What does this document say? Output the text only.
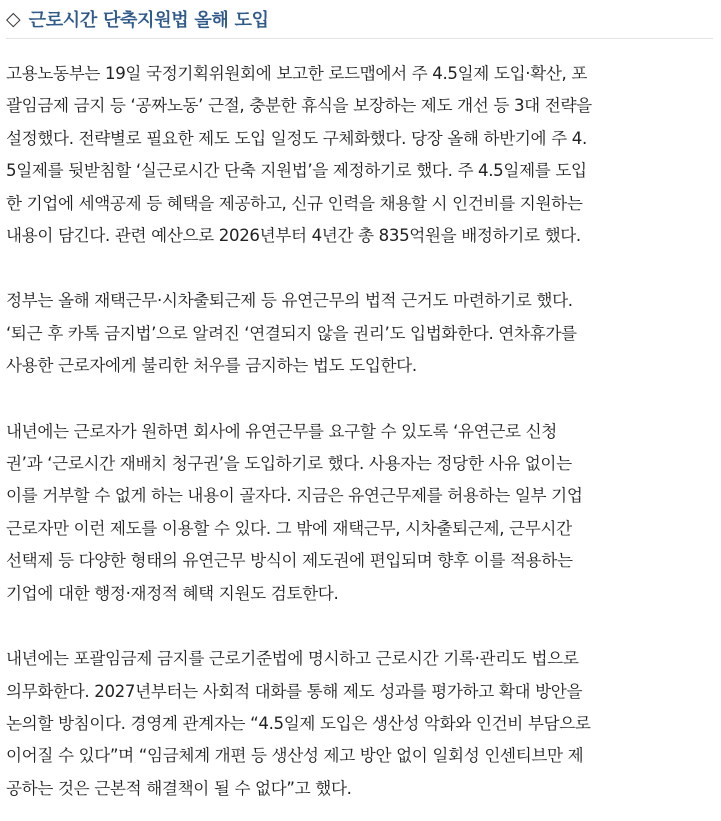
◇ 근로시간 단축지원법 올해 도입

고용노동부는 19일 국정기획위원회에 보고한 로드맵에서 주 4.5일제 도입·확산, 포
괄임금제 금지 등 ‘공짜노동’ 근절, 충분한 휴식을 보장하는 제도 개선 등 3대 전략을
설정했다. 전략별로 필요한 제도 도입 일정도 구체화했다. 당장 올해 하반기에 주 4.
5일제를 뒷받침할 ‘실근로시간 단축 지원법’을 제정하기로 했다. 주 4.5일제를 도입
한 기업에 세액공제 등 혜택을 제공하고, 신규 인력을 채용할 시 인건비를 지원하는
내용이 담긴다. 관련 예산으로 2026년부터 4년간 총 835억원을 배정하기로 했다.

정부는 올해 재택근무·시차출퇴근제 등 유연근무의 법적 근거도 마련하기로 했다.
‘퇴근 후 카톡 금지법’으로 알려진 ‘연결되지 않을 권리’도 입법화한다. 연차휴가를
사용한 근로자에게 불리한 처우를 금지하는 법도 도입한다.

내년에는 근로자가 원하면 회사에 유연근무를 요구할 수 있도록 ‘유연근로 신청
권’과 ‘근로시간 재배치 청구권’을 도입하기로 했다. 사용자는 정당한 사유 없이는
이를 거부할 수 없게 하는 내용이 골자다. 지금은 유연근무제를 허용하는 일부 기업
근로자만 이런 제도를 이용할 수 있다. 그 밖에 재택근무, 시차출퇴근제, 근무시간
선택제 등 다양한 형태의 유연근무 방식이 제도권에 편입되며 향후 이를 적용하는
기업에 대한 행정·재정적 혜택 지원도 검토한다.

내년에는 포괄임금제 금지를 근로기준법에 명시하고 근로시간 기록·관리도 법으로
의무화한다. 2027년부터는 사회적 대화를 통해 제도 성과를 평가하고 확대 방안을
논의할 방침이다. 경영계 관계자는 “4.5일제 도입은 생산성 악화와 인건비 부담으로
이어질 수 있다”며 “임금체계 개편 등 생산성 제고 방안 없이 일회성 인센티브만 제
공하는 것은 근본적 해결책이 될 수 없다”고 했다.
